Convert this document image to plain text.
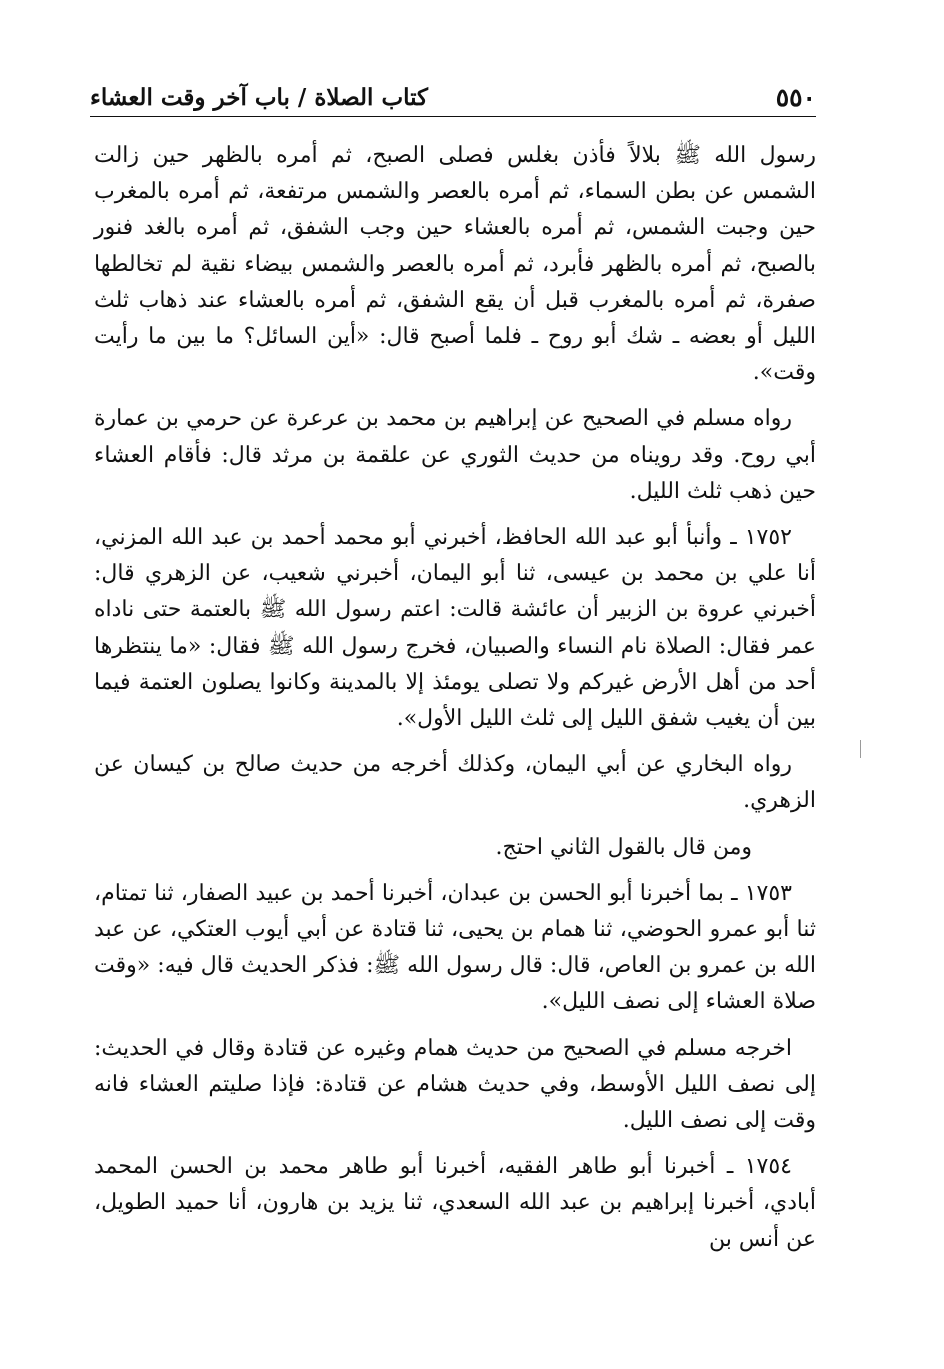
٥٥٠
كتاب الصلاة / باب آخر وقت العشاء

رسول الله ﷺ بلالاً فأذن بغلس فصلى الصبح، ثم أمره بالظهر حين زالت الشمس عن بطن السماء، ثم أمره بالعصر والشمس مرتفعة، ثم أمره بالمغرب حين وجبت الشمس، ثم أمره بالعشاء حين وجب الشفق، ثم أمره بالغد فنور بالصبح، ثم أمره بالظهر فأبرد، ثم أمره بالعصر والشمس بيضاء نقية لم تخالطها صفرة، ثم أمره بالمغرب قبل أن يقع الشفق، ثم أمره بالعشاء عند ذهاب ثلث الليل أو بعضه ـ شك أبو روح ـ فلما أصبح قال: «أين السائل؟ ما بين ما رأيت وقت».

رواه مسلم في الصحيح عن إبراهيم بن محمد بن عرعرة عن حرمي بن عمارة أبي روح. وقد رويناه من حديث الثوري عن علقمة بن مرثد قال: فأقام العشاء حين ذهب ثلث الليل.

١٧٥٢ ـ وأنبأ أبو عبد الله الحافظ، أخبرني أبو محمد أحمد بن عبد الله المزني، أنا علي بن محمد بن عيسى، ثنا أبو اليمان، أخبرني شعيب، عن الزهري قال: أخبرني عروة بن الزبير أن عائشة قالت: اعتم رسول الله ﷺ بالعتمة حتى ناداه عمر فقال: الصلاة نام النساء والصبيان، فخرج رسول الله ﷺ فقال: «ما ينتظرها أحد من أهل الأرض غيركم ولا تصلى يومئذ إلا بالمدينة وكانوا يصلون العتمة فيما بين أن يغيب شفق الليل إلى ثلث الليل الأول».

رواه البخاري عن أبي اليمان، وكذلك أخرجه من حديث صالح بن كيسان عن الزهري.

ومن قال بالقول الثاني احتج.

١٧٥٣ ـ بما أخبرنا أبو الحسن بن عبدان، أخبرنا أحمد بن عبيد الصفار، ثنا تمتام، ثنا أبو عمرو الحوضي، ثنا همام بن يحيى، ثنا قتادة عن أبي أيوب العتكي، عن عبد الله بن عمرو بن العاص، قال: قال رسول الله ﷺ: فذكر الحديث قال فيه: «وقت صلاة العشاء إلى نصف الليل».

اخرجه مسلم في الصحيح من حديث همام وغيره عن قتادة وقال في الحديث: إلى نصف الليل الأوسط، وفي حديث هشام عن قتادة: فإذا صليتم العشاء فانه وقت إلى نصف الليل.

١٧٥٤ ـ أخبرنا أبو طاهر الفقيه، أخبرنا أبو طاهر محمد بن الحسن المحمد أبادي، أخبرنا إبراهيم بن عبد الله السعدي، ثنا يزيد بن هارون، أنا حميد الطويل، عن أنس بن
